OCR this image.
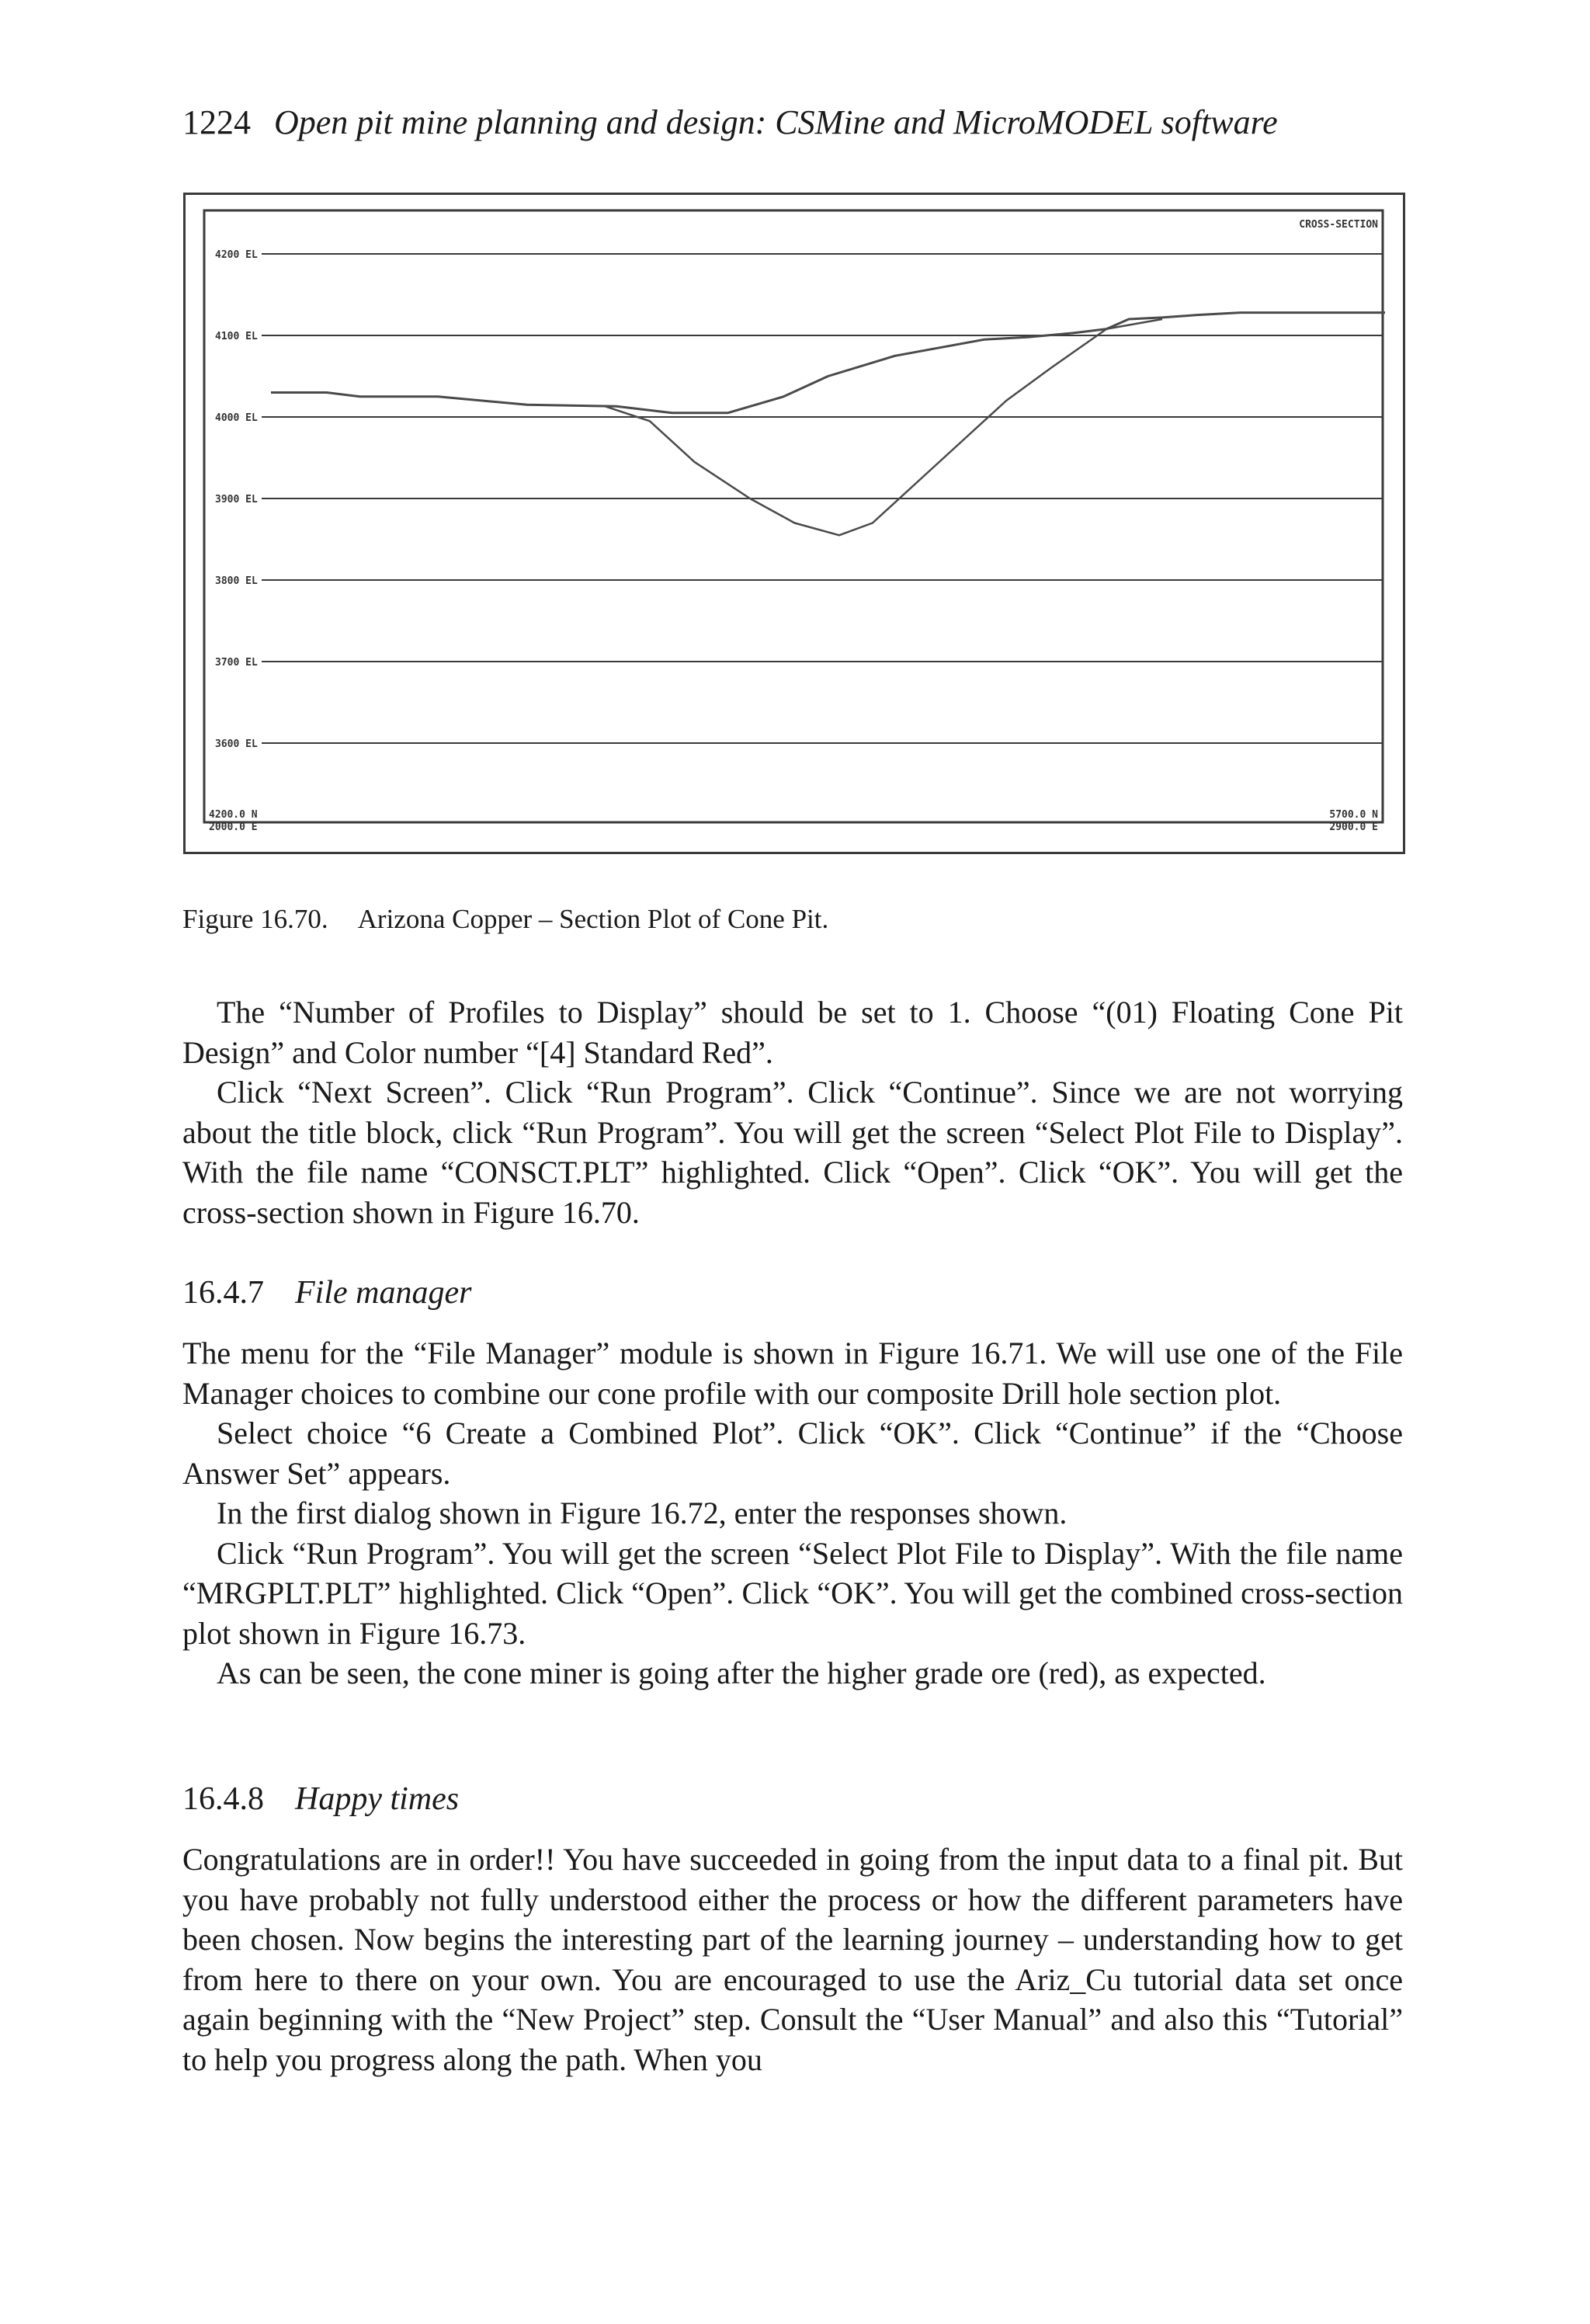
1224 Open pit mine planning and design: CSMine and MicroMODEL software
4200 EL
4100 EL
4000 EL
3900 EL
3800 EL
3700 EL
3600 EL
CROSS-SECTION
4200.0 N
2000.0 E
5700.0 N
2900.0 E
Figure 16.70. Arizona Copper – Section Plot of Cone Pit.

The “Number of Profiles to Display” should be set to 1. Choose “(01) Floating Cone Pit Design” and Color number “[4] Standard Red”.

Click “Next Screen”. Click “Run Program”. Click “Continue”. Since we are not worrying about the title block, click “Run Program”. You will get the screen “Select Plot File to Display”. With the file name “CONSCT.PLT” highlighted. Click “Open”. Click “OK”. You will get the cross-section shown in Figure 16.70.

16.4.7 File manager

The menu for the “File Manager” module is shown in Figure 16.71. We will use one of the File Manager choices to combine our cone profile with our composite Drill hole section plot.

Select choice “6 Create a Combined Plot”. Click “OK”. Click “Continue” if the “Choose Answer Set” appears.

In the first dialog shown in Figure 16.72, enter the responses shown.

Click “Run Program”. You will get the screen “Select Plot File to Display”. With the file name “MRGPLT.PLT” highlighted. Click “Open”. Click “OK”. You will get the combined cross-section plot shown in Figure 16.73.

As can be seen, the cone miner is going after the higher grade ore (red), as expected.

16.4.8 Happy times

Congratulations are in order!! You have succeeded in going from the input data to a final pit. But you have probably not fully understood either the process or how the different parameters have been chosen. Now begins the interesting part of the learning journey – understanding how to get from here to there on your own. You are encouraged to use the Ariz_Cu tutorial data set once again beginning with the “New Project” step. Consult the “User Manual” and also this “Tutorial” to help you progress along the path. When you
